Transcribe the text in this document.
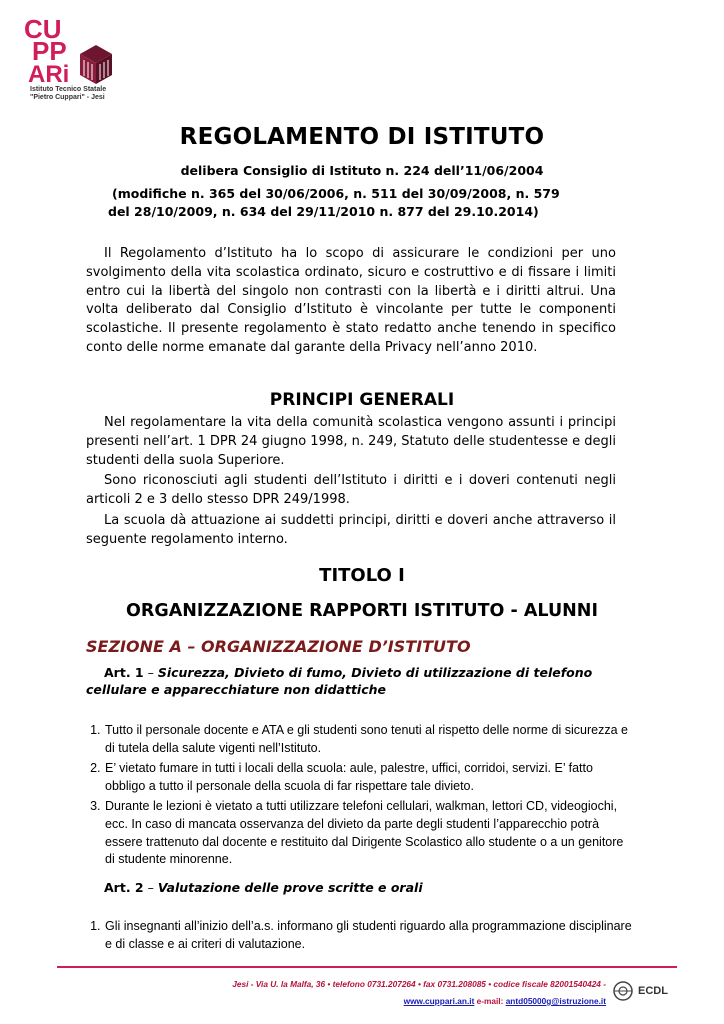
CU
PP
ARi
Istituto Tecnico Statale
"Pietro Cuppari" - Jesi
REGOLAMENTO DI ISTITUTO
delibera Consiglio di Istituto n. 224 dell’11/06/2004
(modifiche n. 365 del 30/06/2006, n. 511 del 30/09/2008, n. 579
del 28/10/2009, n. 634 del 29/11/2010 n. 877 del 29.10.2014)
Il Regolamento d’Istituto ha lo scopo di assicurare le condizioni per uno svolgimento della vita scolastica ordinato, sicuro e costruttivo e di fissare i limiti entro cui la libertà del singolo non contrasti con la libertà e i diritti altrui. Una volta deliberato dal Consiglio d’Istituto è vincolante per tutte le componenti scolastiche. Il presente regolamento è stato redatto anche tenendo in specifico conto delle norme emanate dal garante della Privacy nell’anno 2010.
PRINCIPI GENERALI
Nel regolamentare la vita della comunità scolastica vengono assunti i principi presenti nell’art. 1 DPR 24 giugno 1998, n. 249, Statuto delle studentesse e degli studenti della suola Superiore.
Sono riconosciuti agli studenti dell’Istituto i diritti e i doveri contenuti negli articoli 2 e 3 dello stesso DPR 249/1998.
La scuola dà attuazione ai suddetti principi, diritti e doveri anche attraverso il seguente regolamento interno.
TITOLO I
ORGANIZZAZIONE RAPPORTI ISTITUTO - ALUNNI
SEZIONE A – ORGANIZZAZIONE D’ISTITUTO
Art. 1 – Sicurezza, Divieto di fumo, Divieto di utilizzazione di telefono cellulare e apparecchiature non didattiche
1. Tutto il personale docente e ATA e gli studenti sono tenuti al rispetto delle norme di sicurezza e di tutela della salute vigenti nell’Istituto.
2. E’ vietato fumare in tutti i locali della scuola: aule, palestre, uffici, corridoi, servizi. E’ fatto obbligo a tutto il personale della scuola di far rispettare tale divieto.
3. Durante le lezioni è vietato a tutti utilizzare telefoni cellulari, walkman, lettori CD, videogiochi, ecc. In caso di mancata osservanza del divieto da parte degli studenti l’apparecchio potrà essere trattenuto dal docente e restituito dal Dirigente Scolastico allo studente o a un genitore di studente minorenne.
Art. 2 – Valutazione delle prove scritte e orali
1. Gli insegnanti all’inizio dell’a.s. informano gli studenti riguardo alla programmazione disciplinare e di classe e ai criteri di valutazione.
Jesi - Via U. la Malfa, 36 • telefono 0731.207264 • fax 0731.208085 • codice fiscale 82001540424 -
www.cuppari.an.it e-mail: antd05000g@istruzione.it
ECDL
